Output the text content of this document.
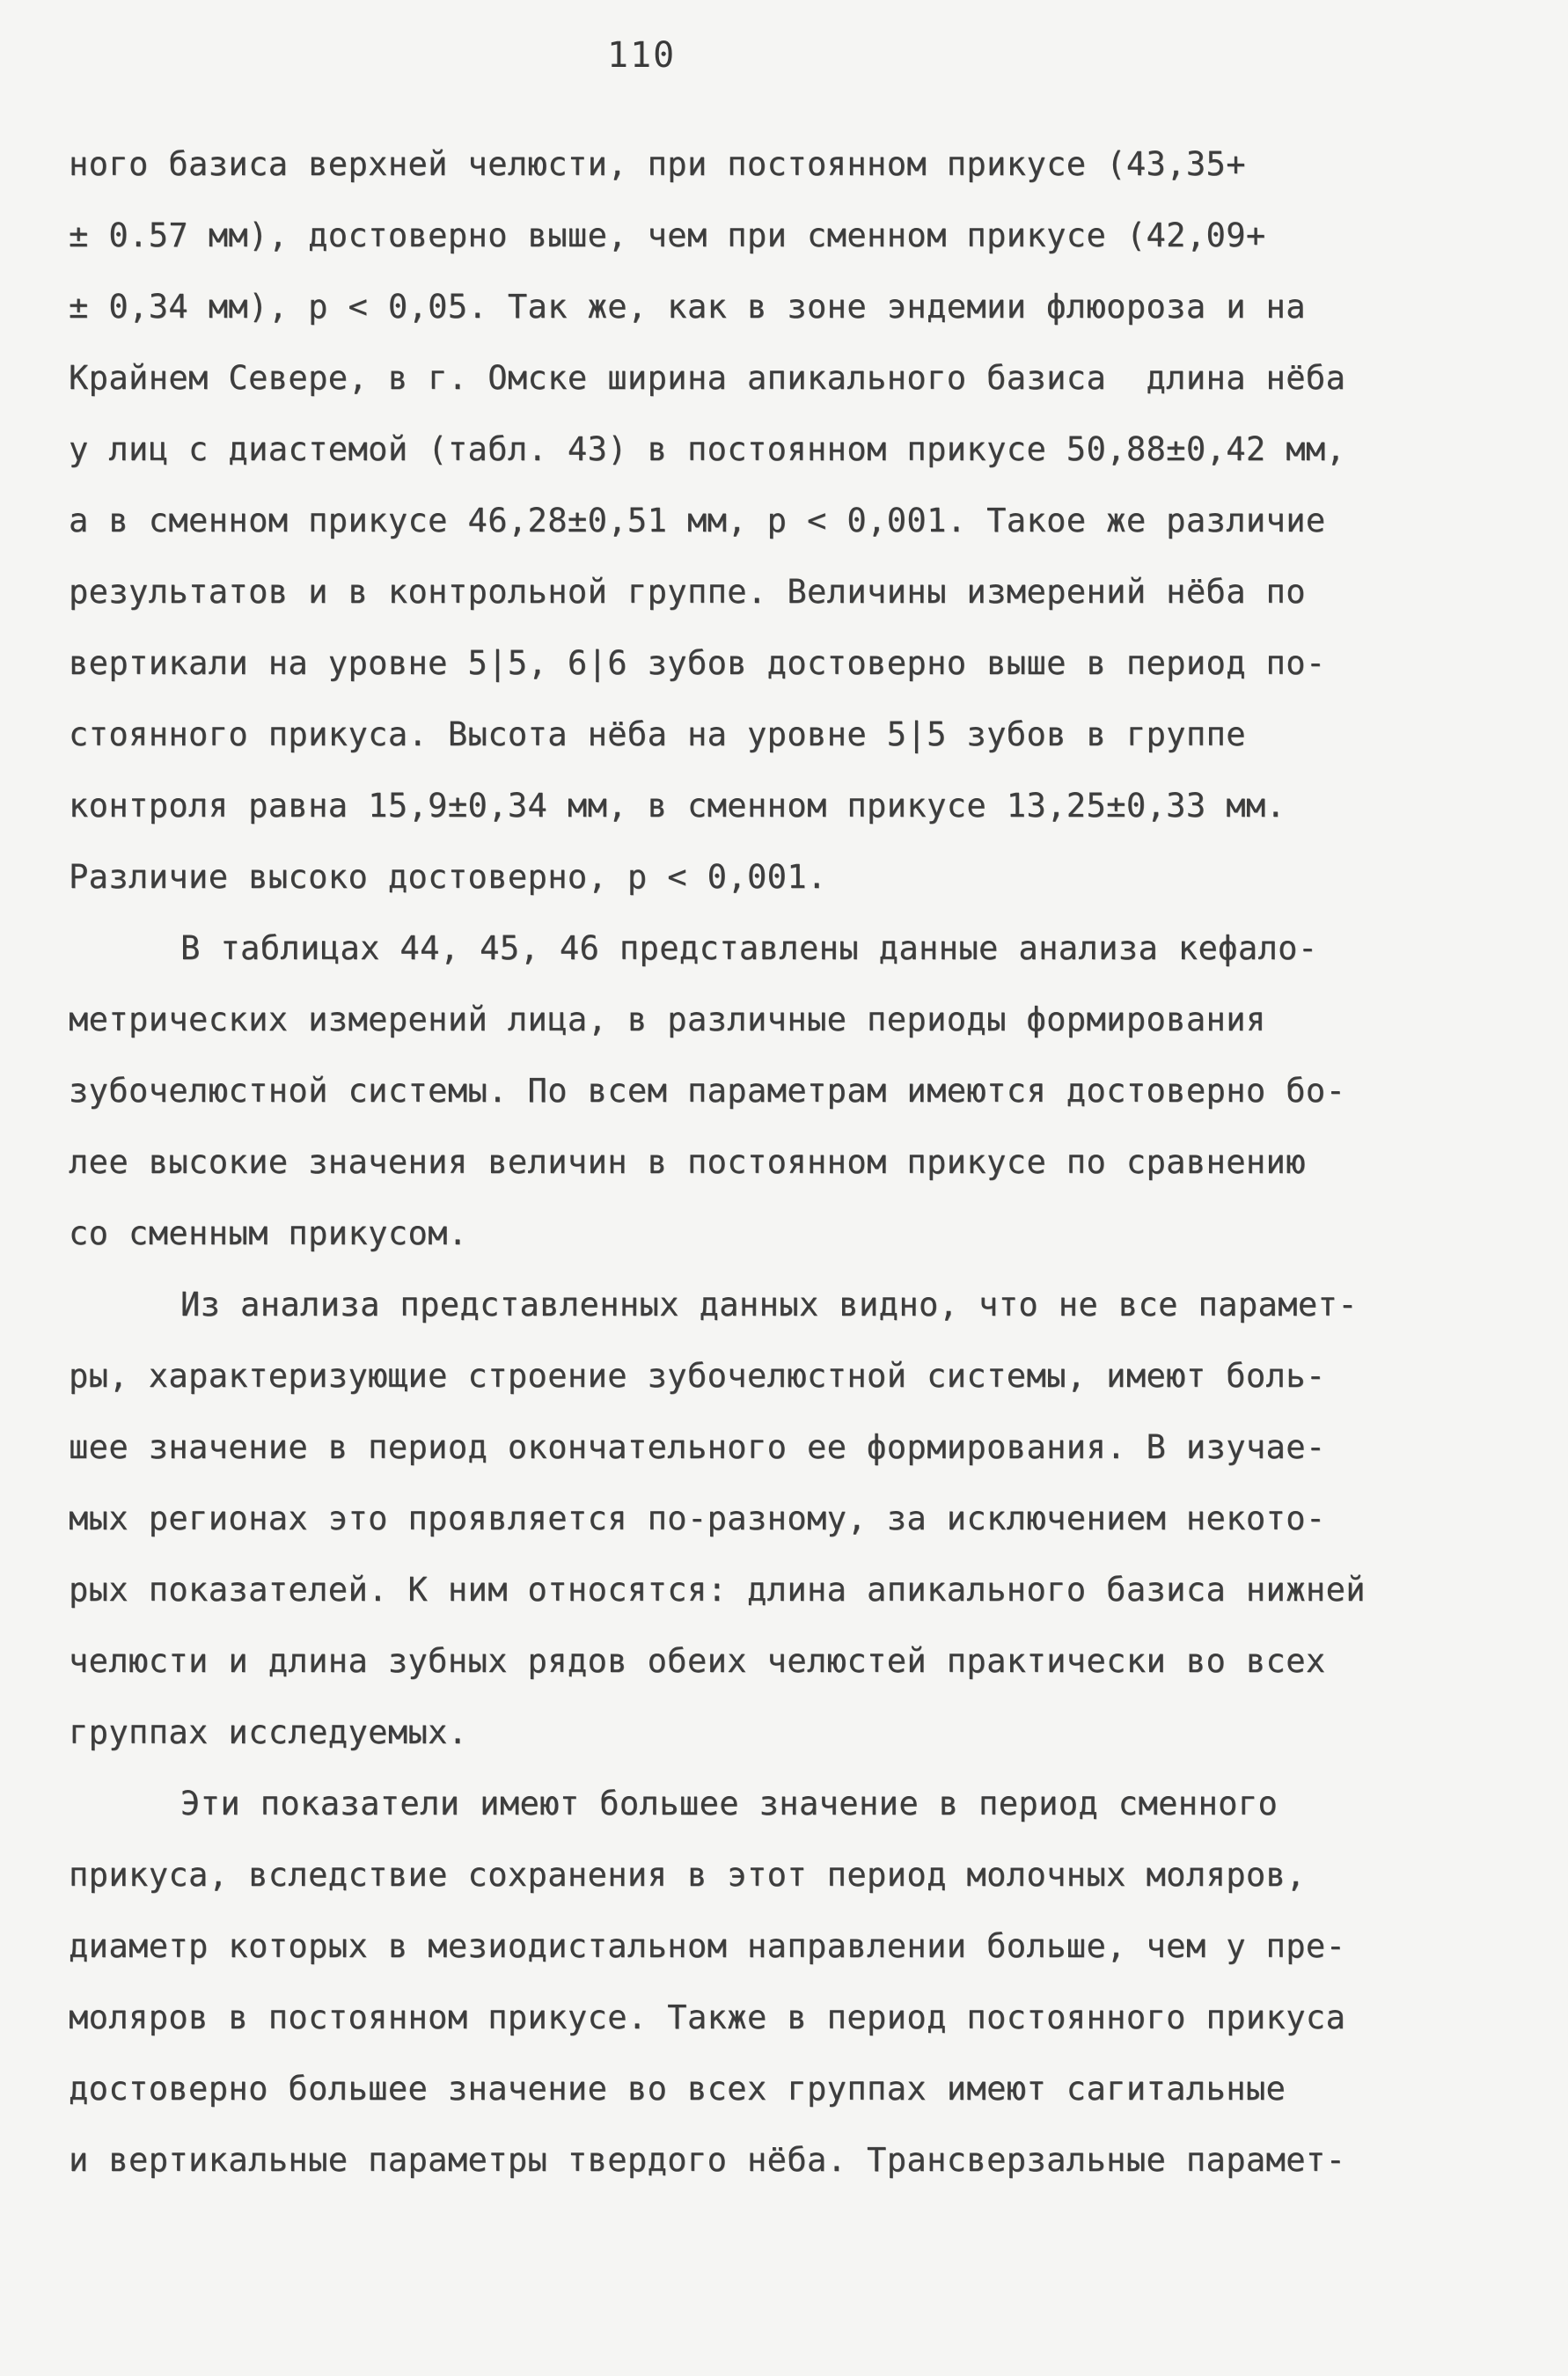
110
ного базиса верхней челюсти, при постоянном прикусе (43,35+
± 0.57 мм), достоверно выше, чем при сменном прикусе (42,09+
± 0,34 мм), р < 0,05. Так же, как в зоне эндемии флюороза и на
Крайнем Севере, в г. Омске ширина апикального базиса  длина нёба
у лиц с диастемой (табл. 43) в постоянном прикусе 50,88±0,42 мм,
а в сменном прикусе 46,28±0,51 мм, р < 0,001. Такое же различие
результатов и в контрольной группе. Величины измерений нёба по
вертикали на уровне 5|5, 6|6 зубов достоверно выше в период по-
стоянного прикуса. Высота нёба на уровне 5|5 зубов в группе
контроля равна 15,9±0,34 мм, в сменном прикусе 13,25±0,33 мм.
Различие высоко достоверно, р < 0,001.
В таблицах 44, 45, 46 представлены данные анализа кефало-
метрических измерений лица, в различные периоды формирования
зубочелюстной системы. По всем параметрам имеются достоверно бо-
лее высокие значения величин в постоянном прикусе по сравнению
со сменным прикусом.
Из анализа представленных данных видно, что не все парамет-
ры, характеризующие строение зубочелюстной системы, имеют боль-
шее значение в период окончательного ее формирования. В изучае-
мых регионах это проявляется по-разному, за исключением некото-
рых показателей. К ним относятся: длина апикального базиса нижней
челюсти и длина зубных рядов обеих челюстей практически во всех
группах исследуемых.
Эти показатели имеют большее значение в период сменного
прикуса, вследствие сохранения в этот период молочных моляров,
диаметр которых в мезиодистальном направлении больше, чем у пре-
моляров в постоянном прикусе. Также в период постоянного прикуса
достоверно большее значение во всех группах имеют сагитальные
и вертикальные параметры твердого нёба. Трансверзальные парамет-
